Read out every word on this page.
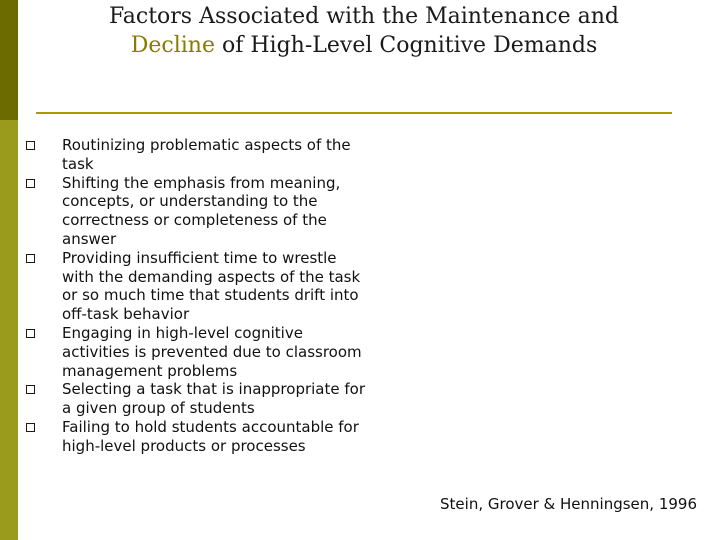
Factors Associated with the Maintenance and
Decline of High-Level Cognitive Demands
Routinizing problematic aspects of the task
Shifting the emphasis from meaning, concepts, or understanding to the correctness or completeness of the answer
Providing insufficient time to wrestle with the demanding aspects of the task or so much time that students drift into off-task behavior
Engaging in high-level cognitive activities is prevented due to classroom management problems
Selecting a task that is inappropriate for a given group of students
Failing to hold students accountable for high-level products or processes
Stein, Grover & Henningsen, 1996
